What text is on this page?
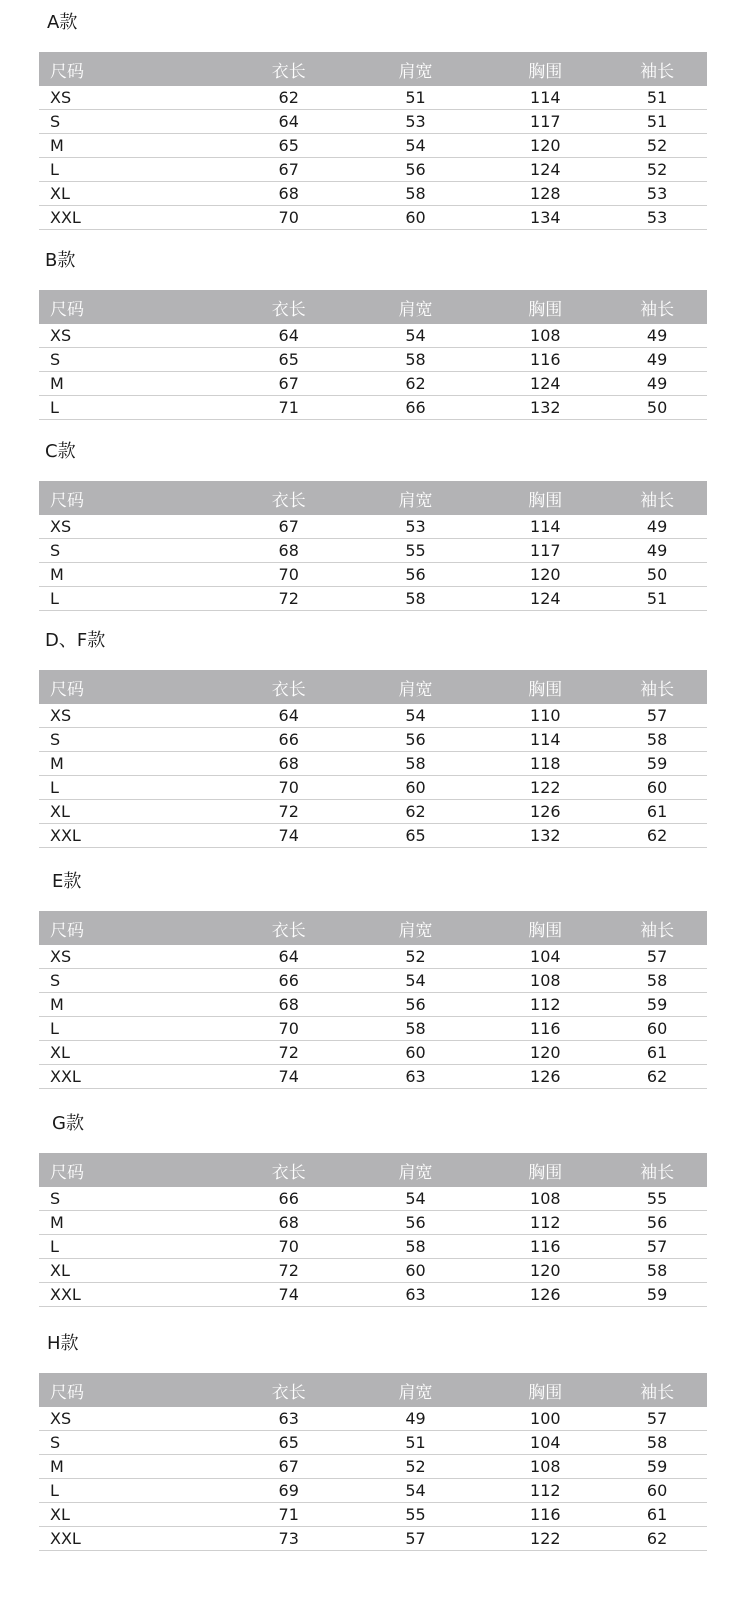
A款
尺码	衣长	肩宽	胸围	袖长
XS	62	51	114	51
S	64	53	117	51
M	65	54	120	52
L	67	56	124	52
XL	68	58	128	53
XXL	70	60	134	53
B款
尺码	衣长	肩宽	胸围	袖长
XS	64	54	108	49
S	65	58	116	49
M	67	62	124	49
L	71	66	132	50
C款
尺码	衣长	肩宽	胸围	袖长
XS	67	53	114	49
S	68	55	117	49
M	70	56	120	50
L	72	58	124	51
D、F款
尺码	衣长	肩宽	胸围	袖长
XS	64	54	110	57
S	66	56	114	58
M	68	58	118	59
L	70	60	122	60
XL	72	62	126	61
XXL	74	65	132	62
E款
尺码	衣长	肩宽	胸围	袖长
XS	64	52	104	57
S	66	54	108	58
M	68	56	112	59
L	70	58	116	60
XL	72	60	120	61
XXL	74	63	126	62
G款
尺码	衣长	肩宽	胸围	袖长
S	66	54	108	55
M	68	56	112	56
L	70	58	116	57
XL	72	60	120	58
XXL	74	63	126	59
H款
尺码	衣长	肩宽	胸围	袖长
XS	63	49	100	57
S	65	51	104	58
M	67	52	108	59
L	69	54	112	60
XL	71	55	116	61
XXL	73	57	122	62
